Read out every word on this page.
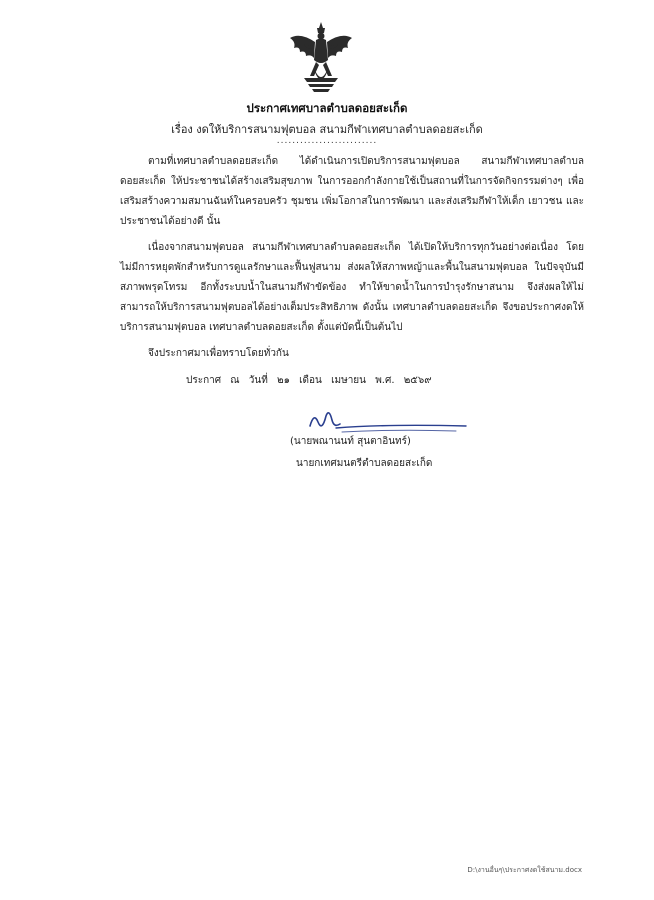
ประกาศเทศบาลตำบลดอยสะเก็ด
เรื่อง งดให้บริการสนามฟุตบอล สนามกีฬาเทศบาลตำบลดอยสะเก็ด
..........................
ตามที่เทศบาลตำบลดอยสะเก็ด ได้ดำเนินการเปิดบริการสนามฟุตบอล สนามกีฬาเทศบาลตำบลดอยสะเก็ด ให้ประชาชนได้สร้างเสริมสุขภาพ ในการออกกำลังกายใช้เป็นสถานที่ในการจัดกิจกรรมต่างๆ เพื่อเสริมสร้างความสมานฉันท์ในครอบครัว ชุมชน เพิ่มโอกาสในการพัฒนา และส่งเสริมกีฬาให้เด็ก เยาวชน และประชาชนได้อย่างดี นั้น
เนื่องจากสนามฟุตบอล สนามกีฬาเทศบาลตำบลดอยสะเก็ด ได้เปิดให้บริการทุกวันอย่างต่อเนื่อง โดยไม่มีการหยุดพักสำหรับการดูแลรักษาและฟื้นฟูสนาม ส่งผลให้สภาพหญ้าและพื้นในสนามฟุตบอล ในปัจจุบันมีสภาพพรุดโทรม อีกทั้งระบบน้ำในสนามกีฬาขัดข้อง ทำให้ขาดน้ำในการบำรุงรักษาสนาม จึงส่งผลให้ไม่สามารถให้บริการสนามฟุตบอลได้อย่างเต็มประสิทธิภาพ ดังนั้น เทศบาลตำบลดอยสะเก็ด จึงขอประกาศงดให้บริการสนามฟุตบอล เทศบาลตำบลดอยสะเก็ด ตั้งแต่บัดนี้เป็นต้นไป
จึงประกาศมาเพื่อทราบโดยทั่วกัน
ประกาศ ณ วันที่ ๒๑ เดือน เมษายน พ.ศ. ๒๕๖๙
(นายพณานนท์ สุนตาอินทร์)
นายกเทศมนตรีตำบลดอยสะเก็ด
D:\งานอื่นๆ\ประกาศงดใช้สนาม.docx
